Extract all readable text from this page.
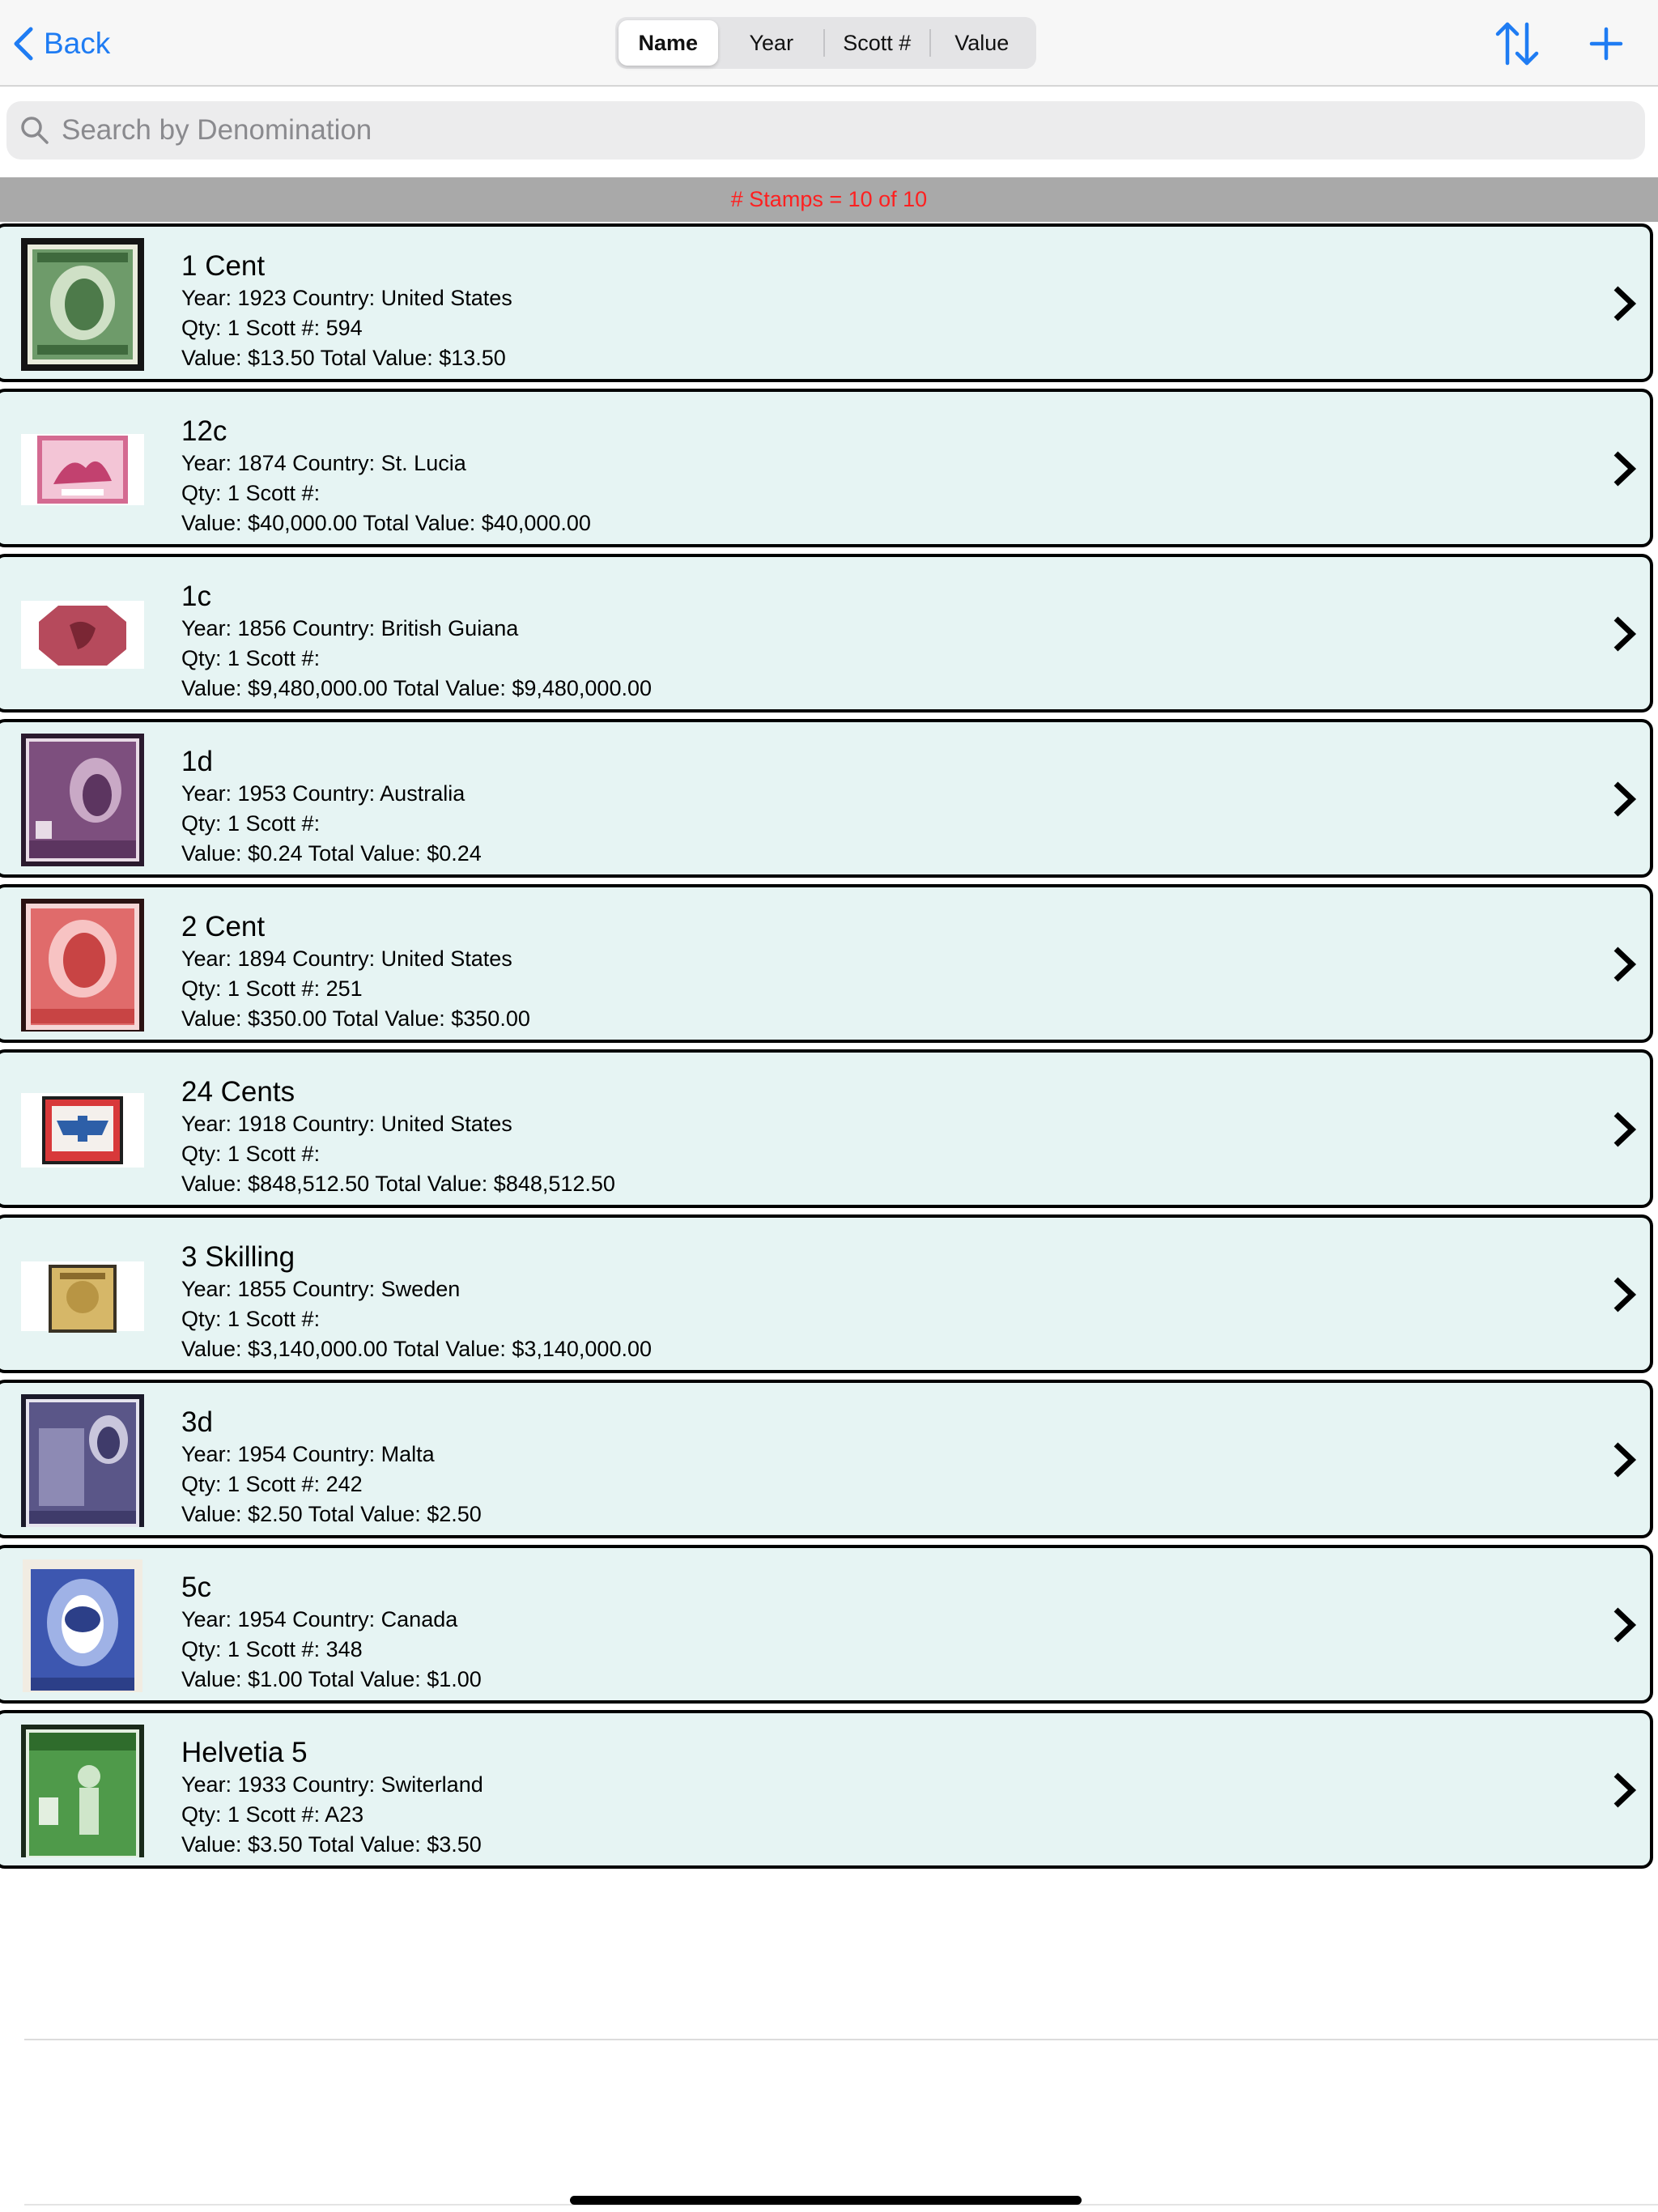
Back	Name	Year	Scott #	Value
Search by Denomination
# Stamps = 10 of 10
1 Cent
Year: 1923 Country: United States
Qty: 1 Scott #: 594
Value: $13.50 Total Value: $13.50
12c
Year: 1874 Country: St. Lucia
Qty: 1 Scott #:
Value: $40,000.00 Total Value: $40,000.00
1c
Year: 1856 Country: British Guiana
Qty: 1 Scott #:
Value: $9,480,000.00 Total Value: $9,480,000.00
1d
Year: 1953 Country: Australia
Qty: 1 Scott #:
Value: $0.24 Total Value: $0.24
2 Cent
Year: 1894 Country: United States
Qty: 1 Scott #: 251
Value: $350.00 Total Value: $350.00
24 Cents
Year: 1918 Country: United States
Qty: 1 Scott #:
Value: $848,512.50 Total Value: $848,512.50
3 Skilling
Year: 1855 Country: Sweden
Qty: 1 Scott #:
Value: $3,140,000.00 Total Value: $3,140,000.00
3d
Year: 1954 Country: Malta
Qty: 1 Scott #: 242
Value: $2.50 Total Value: $2.50
5c
Year: 1954 Country: Canada
Qty: 1 Scott #: 348
Value: $1.00 Total Value: $1.00
Helvetia 5
Year: 1933 Country: Switerland
Qty: 1 Scott #: A23
Value: $3.50 Total Value: $3.50
